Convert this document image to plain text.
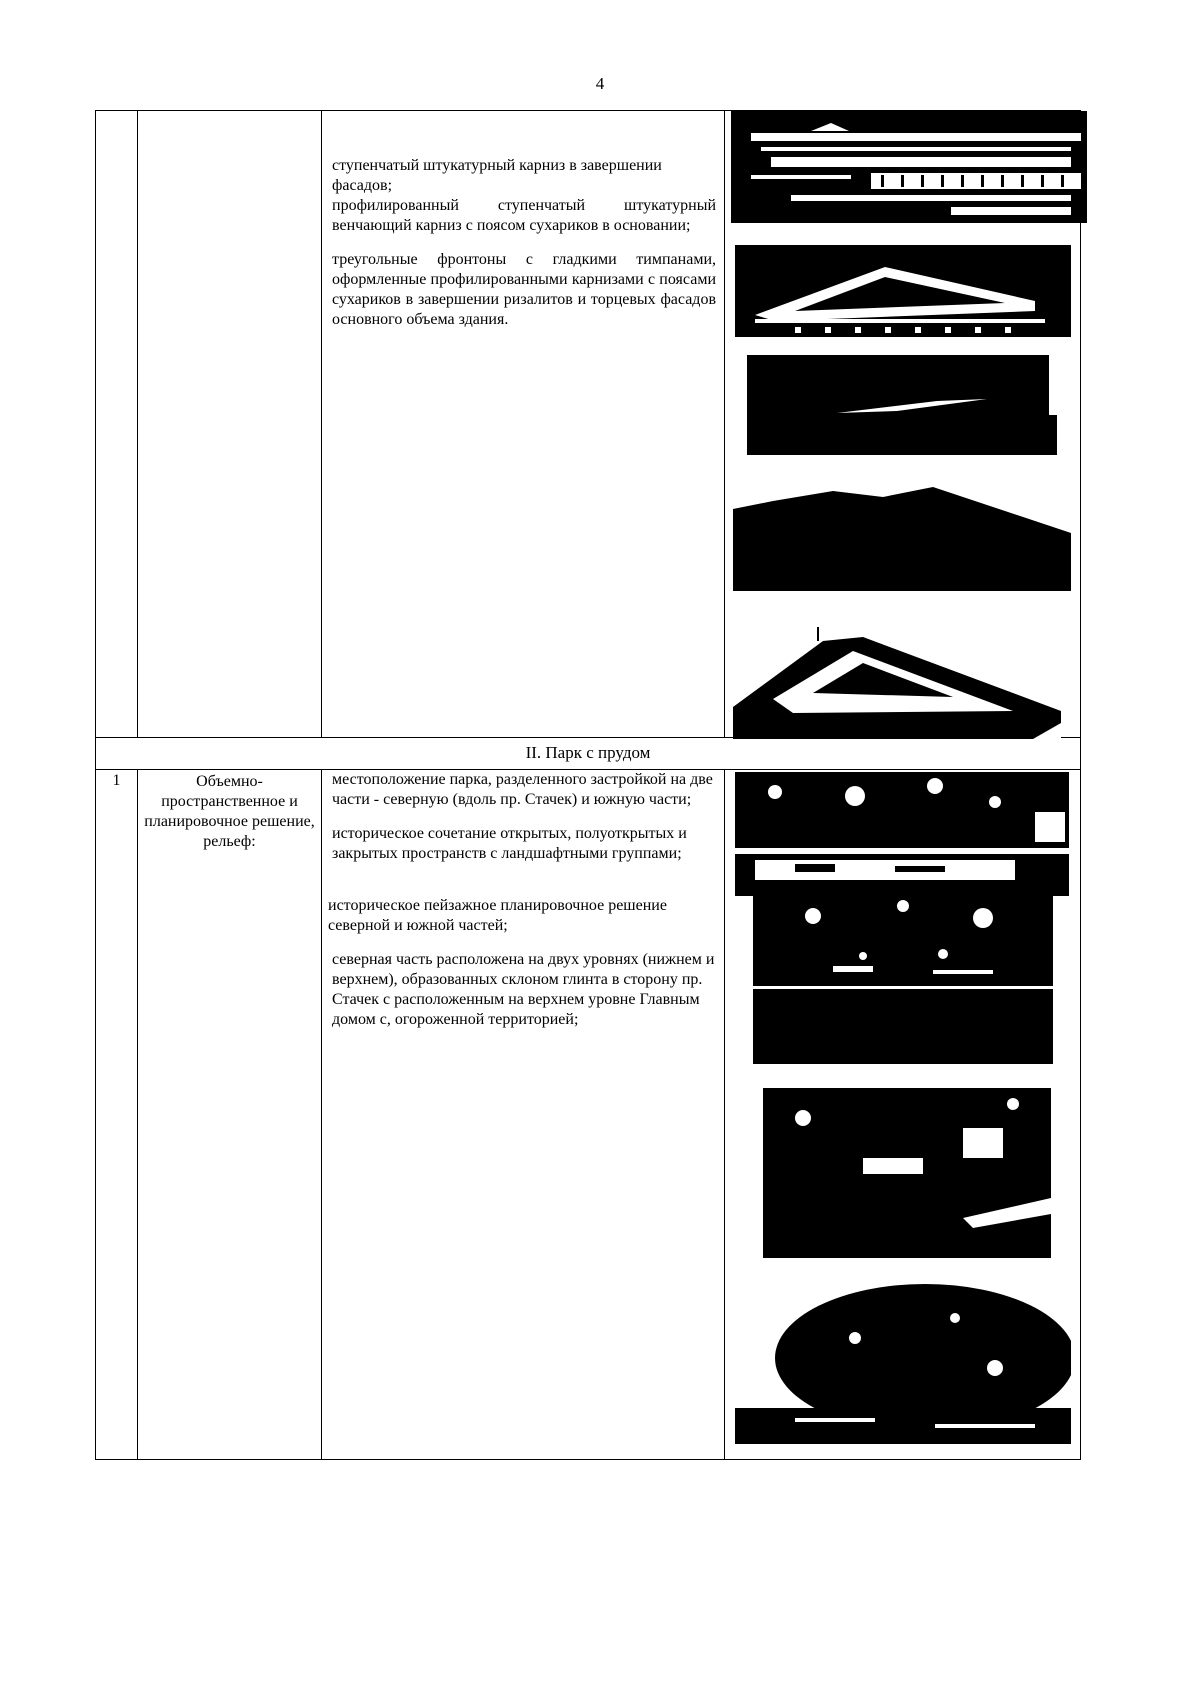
4

ступенчатый штукатурный карниз в завершении фасадов;

профилированный ступенчатый штукатурный венчающий карниз с поясом сухариков в основании;

треугольные фронтоны с гладкими тимпанами, оформленные профилированными карнизами с поясами сухариков в завершении ризалитов и торцевых фасадов основного объема здания.

II. Парк с прудом
1	Объемно-пространственное и планировочное решение, рельеф:

местоположение парка, разделенного застройкой на две части - северную (вдоль пр. Стачек) и южную части;

историческое сочетание открытых, полуоткрытых и закрытых пространств с ландшафтными группами;

историческое пейзажное планировочное решение северной и южной частей;

северная часть расположена на двух уровнях (нижнем и верхнем), образованных склоном глинта в сторону пр. Стачек с расположенным на верхнем уровне Главным домом с, огороженной территорией;
